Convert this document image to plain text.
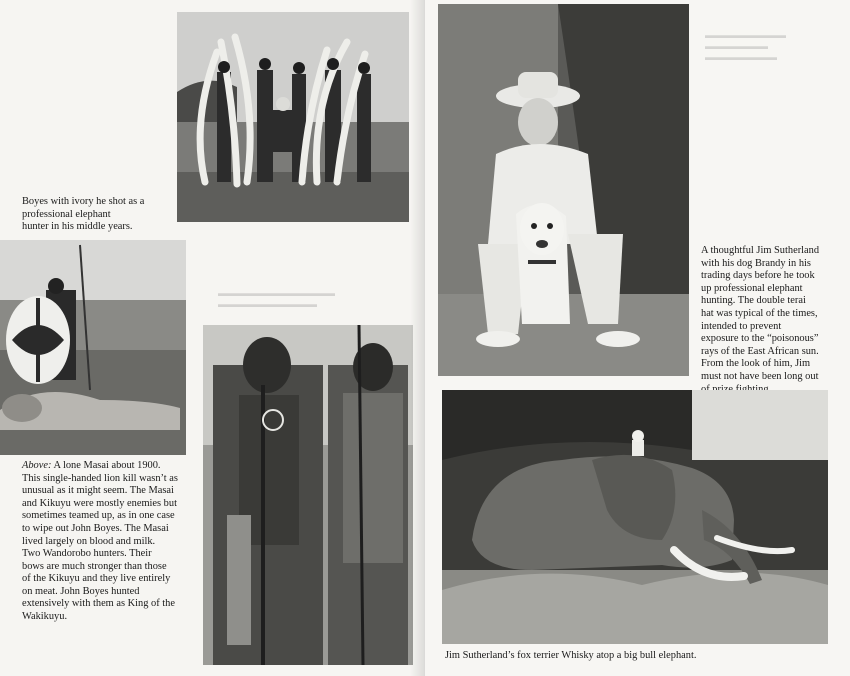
Boyes with ivory he shot as a
professional elephant
hunter in his middle years.

Above: A lone Masai about 1900.
This single-handed lion kill wasn’t as
unusual as it might seem. The Masai
and Kikuyu were mostly enemies but
sometimes teamed up, as in one case
to wipe out John Boyes. The Masai
lived largely on blood and milk.

Two Wandorobo hunters. Their
bows are much stronger than those
of the Kikuyu and they live entirely
on meat. John Boyes hunted
extensively with them as King of the
Wakikuyu.

▬▬▬▬▬▬▬▬▬▬▬▬▬
▬▬▬▬▬▬▬▬▬▬▬

A thoughtful Jim Sutherland
with his dog Brandy in his
trading days before he took
up professional elephant
hunting. The double terai
hat was typical of the times,
intended to prevent
exposure to the “poisonous”
rays of the East African sun.
From the look of him, Jim
must not have been long out

Jim Sutherland’s fox terrier Whisky atop a big bull elephant.

▬▬▬▬▬▬▬▬▬
▬▬▬▬▬▬▬
▬▬▬▬▬▬▬▬
